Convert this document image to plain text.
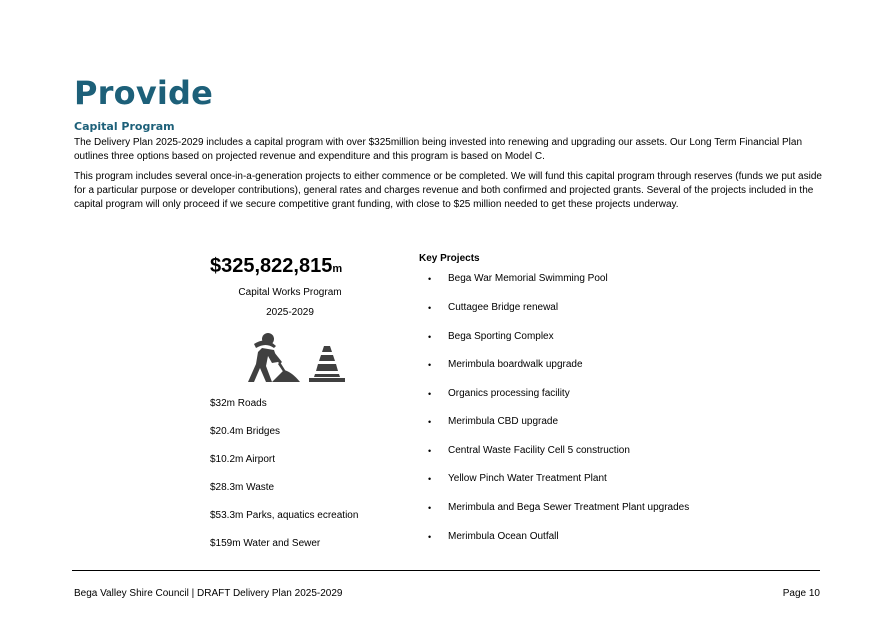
Provide
Capital Program
The Delivery Plan 2025-2029 includes a capital program with over $325million being invested into renewing and upgrading our assets. Our Long Term Financial Plan outlines three options based on projected revenue and expenditure and this program is based on Model C.
This program includes several once-in-a-generation projects to either commence or be completed. We will fund this capital program through reserves (funds we put aside for a particular purpose or developer contributions), general rates and charges revenue and both confirmed and projected grants. Several of the projects included in the capital program will only proceed if we secure competitive grant funding, with close to $25 million needed to get these projects underway.
$325,822,815m
Capital Works Program
2025-2029
$32m Roads
$20.4m Bridges
$10.2m Airport
$28.3m Waste
$53.3m Parks, aquatics ecreation
$159m Water and Sewer
Key Projects
•	Bega War Memorial Swimming Pool
•	Cuttagee Bridge renewal
•	Bega Sporting Complex
•	Merimbula boardwalk upgrade
•	Organics processing facility
•	Merimbula CBD upgrade
•	Central Waste Facility Cell 5 construction
•	Yellow Pinch Water Treatment Plant
•	Merimbula and Bega Sewer Treatment Plant upgrades
•	Merimbula Ocean Outfall
Bega Valley Shire Council | DRAFT Delivery Plan 2025-2029	Page 10
